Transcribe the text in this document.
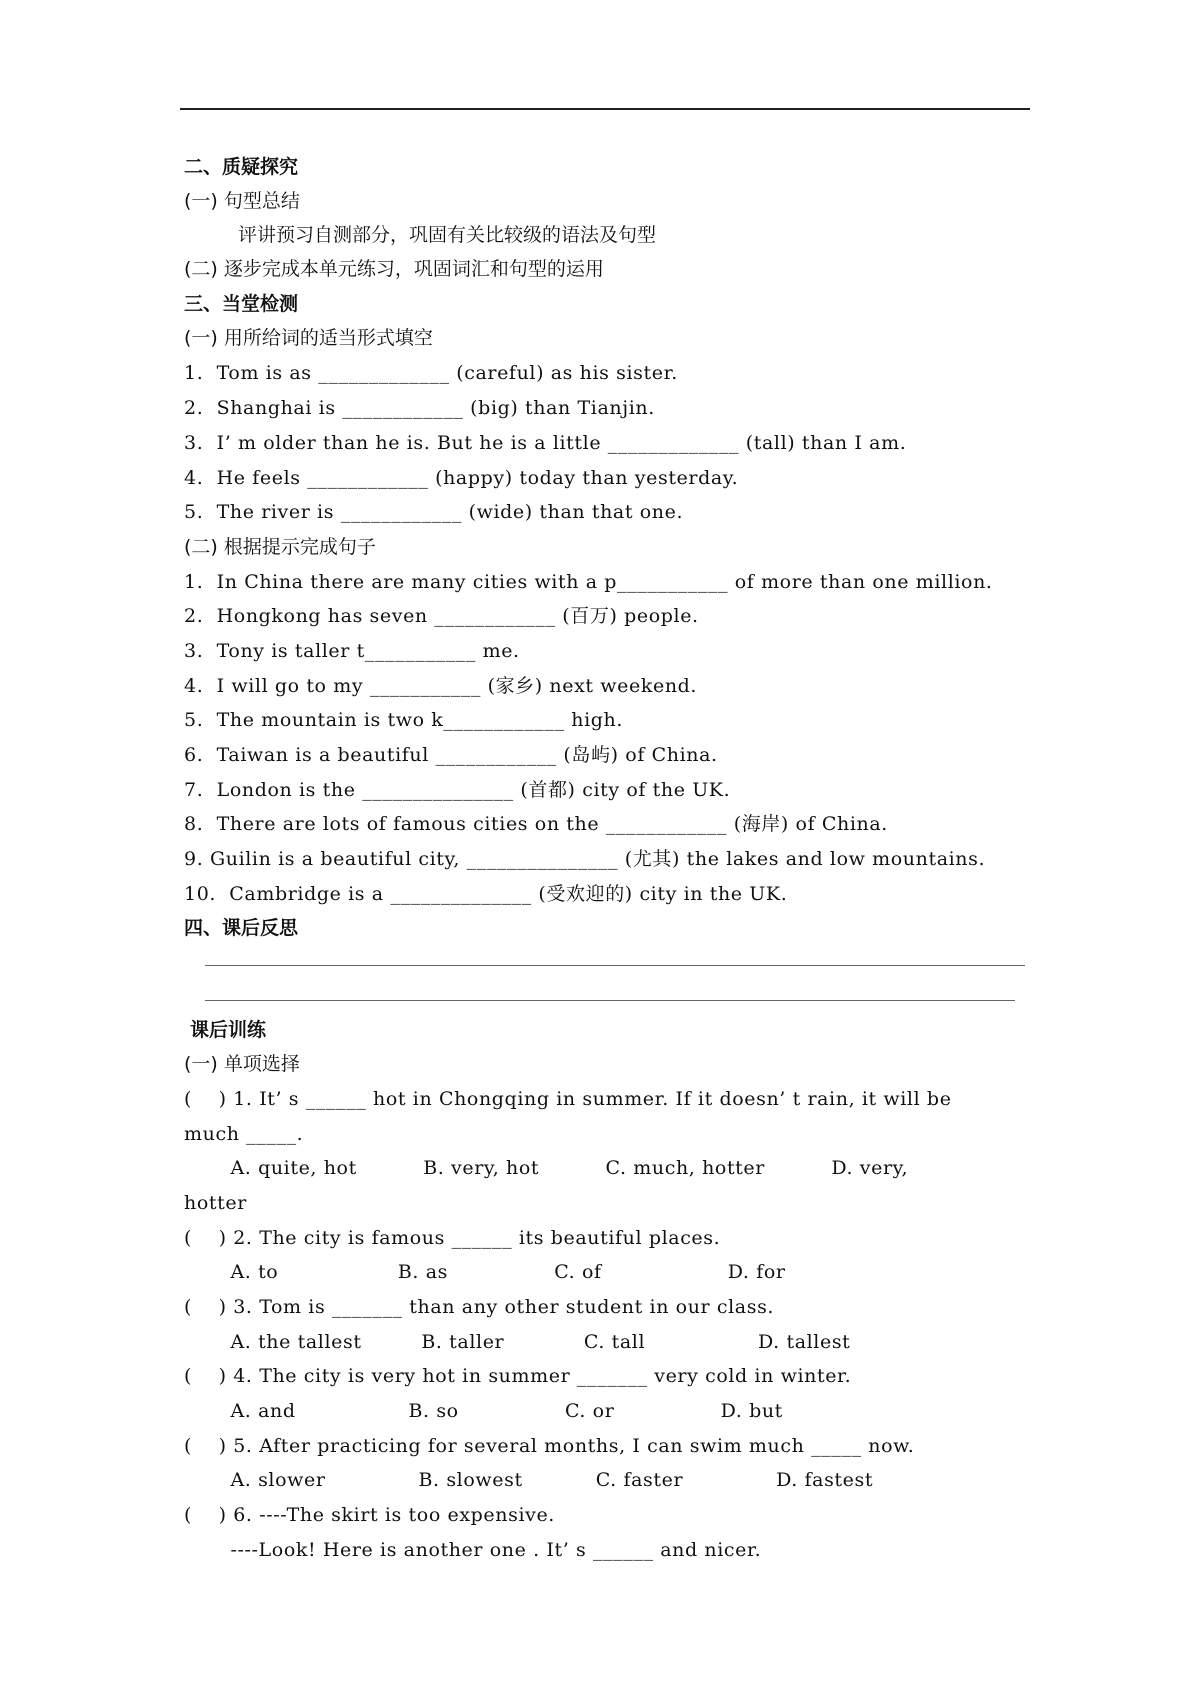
二、质疑探究
(一) 句型总结
评讲预习自测部分，巩固有关比较级的语法及句型
(二) 逐步完成本单元练习，巩固词汇和句型的运用
三、当堂检测
(一) 用所给词的适当形式填空
1.  Tom is as _____________ (careful) as his sister.
2.  Shanghai is ____________ (big) than Tianjin.
3.  I’ m older than he is. But he is a little _____________ (tall) than I am.
4.  He feels ____________ (happy) today than yesterday.
5.  The river is ____________ (wide) than that one.
(二) 根据提示完成句子
1.  In China there are many cities with a p___________ of more than one million.
2.  Hongkong has seven ____________ (百万) people.
3.  Tony is taller t___________ me.
4.  I will go to my ___________ (家乡) next weekend.
5.  The mountain is two k____________ high.
6.  Taiwan is a beautiful ____________ (岛屿) of China.
7.  London is the _______________ (首都) city of the UK.
8.  There are lots of famous cities on the ____________ (海岸) of China.
9. Guilin is a beautiful city, _______________ (尤其) the lakes and low mountains.
10.  Cambridge is a ______________ (受欢迎的) city in the UK.
四、课后反思
课后训练
(一) 单项选择
(    ) 1. It’ s ______ hot in Chongqing in summer. If it doesn’ t rain, it will be
much _____.
A. quite, hot          B. very, hot          C. much, hotter          D. very,
hotter
(    ) 2. The city is famous ______ its beautiful places.
A. to                  B. as                C. of                   D. for
(    ) 3. Tom is _______ than any other student in our class.
A. the tallest         B. taller            C. tall                 D. tallest
(    ) 4. The city is very hot in summer _______ very cold in winter.
A. and                 B. so                C. or                D. but
(    ) 5. After practicing for several months, I can swim much _____ now.
A. slower              B. slowest           C. faster              D. fastest
(    ) 6. ----The skirt is too expensive.
----Look! Here is another one . It’ s ______ and nicer.
